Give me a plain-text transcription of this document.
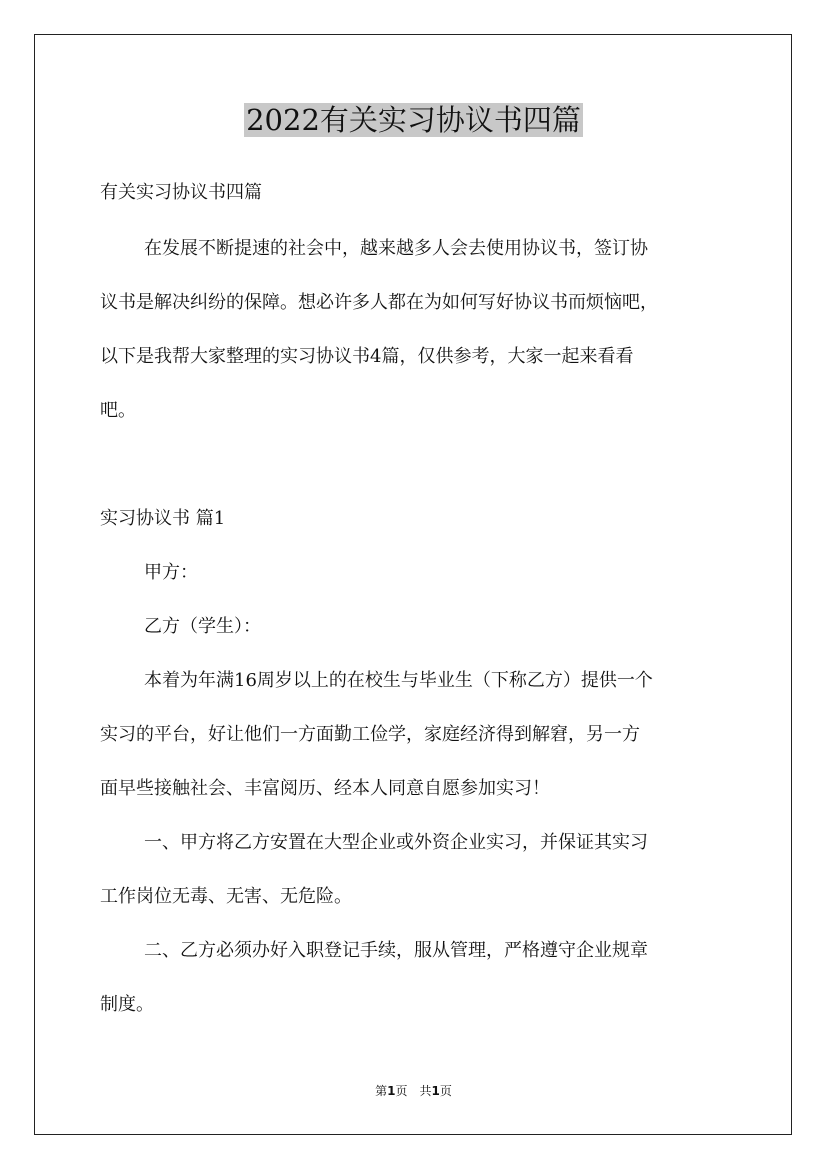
2022有关实习协议书四篇

有关实习协议书四篇

在发展不断提速的社会中，越来越多人会去使用协议书，签订协

议书是解决纠纷的保障。想必许多人都在为如何写好协议书而烦恼吧，

以下是我帮大家整理的实习协议书4篇，仅供参考，大家一起来看看

吧。

实习协议书 篇1

甲方：

乙方（学生）：

本着为年满16周岁以上的在校生与毕业生（下称乙方）提供一个

实习的平台，好让他们一方面勤工俭学，家庭经济得到解窘，另一方

面早些接触社会、丰富阅历、经本人同意自愿参加实习！

一、甲方将乙方安置在大型企业或外资企业实习，并保证其实习

工作岗位无毒、无害、无危险。

二、乙方必须办好入职登记手续，服从管理，严格遵守企业规章

制度。

第1页　共1页
